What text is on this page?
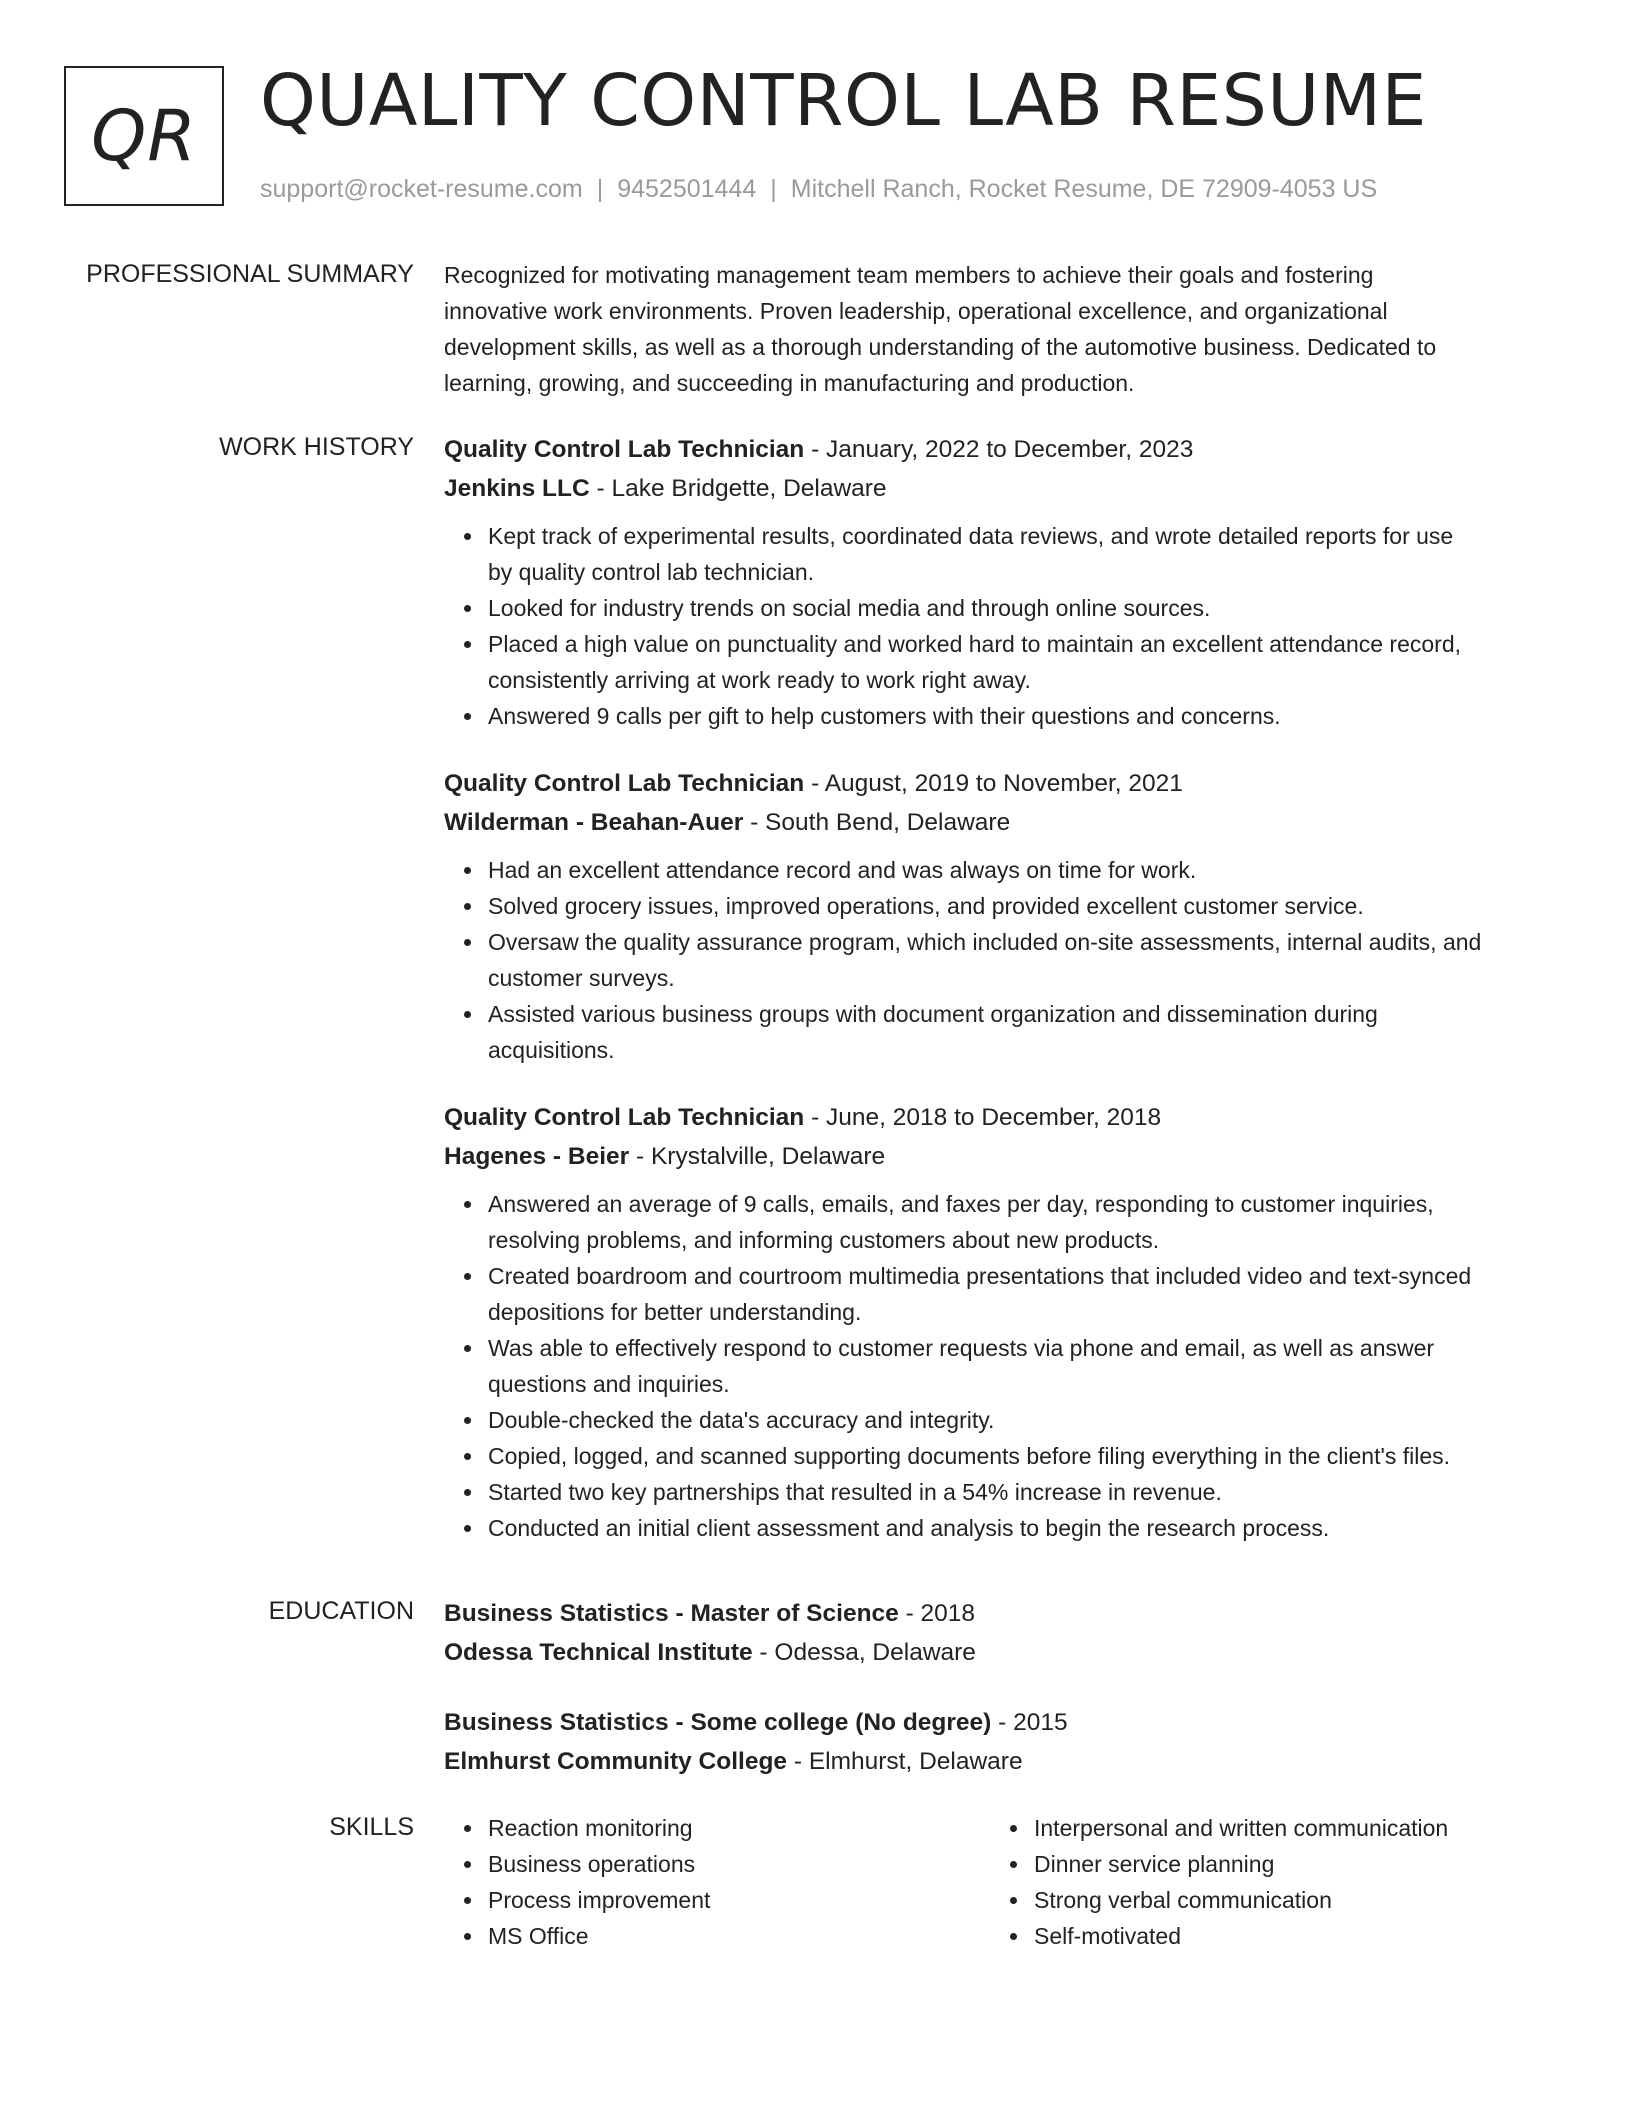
QR QUALITY CONTROL LAB RESUME
support@rocket-resume.com | 9452501444 | Mitchell Ranch, Rocket Resume, DE 72909-4053 US
PROFESSIONAL SUMMARY Recognized for motivating management team members to achieve their goals and fostering
innovative work environments. Proven leadership, operational excellence, and organizational
development skills, as well as a thorough understanding of the automotive business. Dedicated to
learning, growing, and succeeding in manufacturing and production.
WORK HISTORY Quality Control Lab Technician - January, 2022 to December, 2023
Jenkins LLC - Lake Bridgette, Delaware
Kept track of experimental results, coordinated data reviews, and wrote detailed reports for use
by quality control lab technician.
Looked for industry trends on social media and through online sources.
Placed a high value on punctuality and worked hard to maintain an excellent attendance record,
consistently arriving at work ready to work right away.
Answered 9 calls per gift to help customers with their questions and concerns.
Quality Control Lab Technician - August, 2019 to November, 2021
Wilderman - Beahan-Auer - South Bend, Delaware
Had an excellent attendance record and was always on time for work.
Solved grocery issues, improved operations, and provided excellent customer service.
Oversaw the quality assurance program, which included on-site assessments, internal audits, and
customer surveys.
Assisted various business groups with document organization and dissemination during
acquisitions.
Quality Control Lab Technician - June, 2018 to December, 2018
Hagenes - Beier - Krystalville, Delaware
Answered an average of 9 calls, emails, and faxes per day, responding to customer inquiries,
resolving problems, and informing customers about new products.
Created boardroom and courtroom multimedia presentations that included video and text-synced
depositions for better understanding.
Was able to effectively respond to customer requests via phone and email, as well as answer
questions and inquiries.
Double-checked the data's accuracy and integrity.
Copied, logged, and scanned supporting documents before filing everything in the client's files.
Started two key partnerships that resulted in a 54% increase in revenue.
Conducted an initial client assessment and analysis to begin the research process.
EDUCATION Business Statistics - Master of Science - 2018
Odessa Technical Institute - Odessa, Delaware
Business Statistics - Some college (No degree) - 2015
Elmhurst Community College - Elmhurst, Delaware
SKILLS	Reaction monitoring
Business operations
Process improvement
MS Office
Interpersonal and written communication
Dinner service planning
Strong verbal communication
Self-motivated
